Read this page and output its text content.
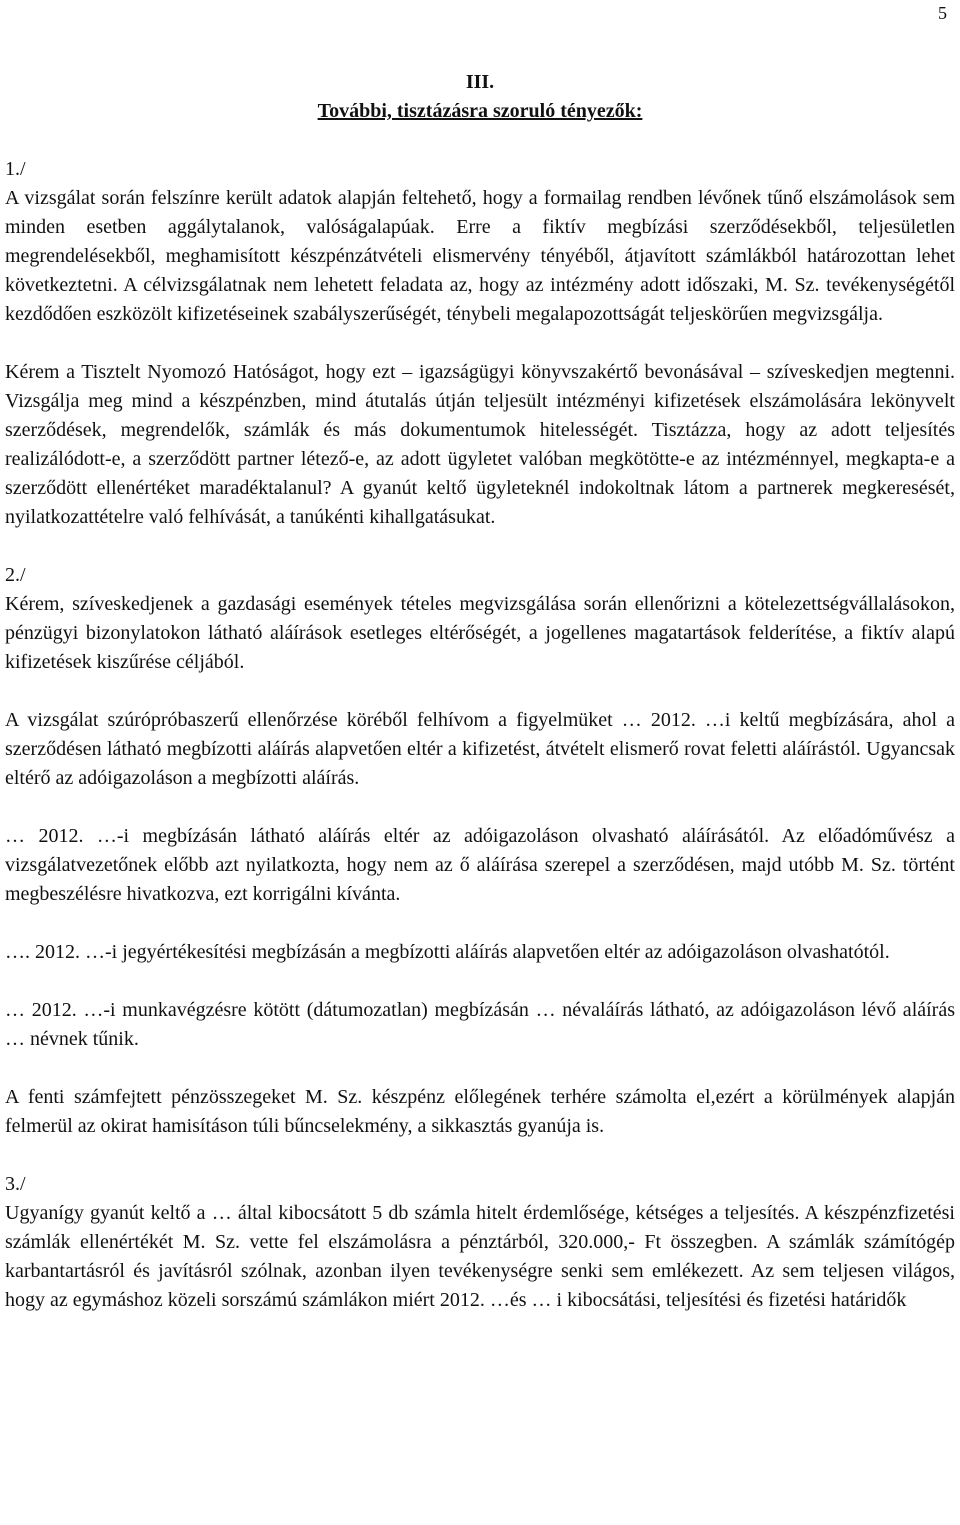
5
III.
További, tisztázásra szoruló tényezők:
1./

A vizsgálat során felszínre került adatok alapján feltehető, hogy a formailag rendben lévőnek tűnő elszámolások sem minden esetben aggálytalanok, valóságalapúak. Erre a fiktív megbízási szerződésekből, teljesületlen megrendelésekből, meghamisított készpénzátvételi elismervény tényéből, átjavított számlákból határozottan lehet következtetni. A célvizsgálatnak nem lehetett feladata az, hogy az intézmény adott időszaki, M. Sz. tevékenységétől kezdődően eszközölt kifizetéseinek szabályszerűségét, ténybeli megalapozottságát teljeskörűen megvizsgálja.

Kérem a Tisztelt Nyomozó Hatóságot, hogy ezt – igazságügyi könyvszakértő bevonásával – szíveskedjen megtenni. Vizsgálja meg mind a készpénzben, mind átutalás útján teljesült intézményi kifizetések elszámolására lekönyvelt szerződések, megrendelők, számlák és más dokumentumok hitelességét. Tisztázza, hogy az adott teljesítés realizálódott-e, a szerződött partner létező-e, az adott ügyletet valóban megkötötte-e az intézménnyel, megkapta-e a szerződött ellenértéket maradéktalanul? A gyanút keltő ügyleteknél indokoltnak látom a partnerek megkeresését, nyilatkozattételre való felhívását, a tanúkénti kihallgatásukat.

2./

Kérem, szíveskedjenek a gazdasági események tételes megvizsgálása során ellenőrizni a kötelezettségvállalásokon, pénzügyi bizonylatokon látható aláírások esetleges eltérőségét, a jogellenes magatartások felderítése, a fiktív alapú kifizetések kiszűrése céljából.

A vizsgálat szúrópróbaszerű ellenőrzése köréből felhívom a figyelmüket … 2012. …i keltű megbízására, ahol a szerződésen látható megbízotti aláírás alapvetően eltér a kifizetést, átvételt elismerő rovat feletti aláírástól. Ugyancsak eltérő az adóigazoláson a megbízotti aláírás.

… 2012. …-i megbízásán látható aláírás eltér az adóigazoláson olvasható aláírásától. Az előadóművész a vizsgálatvezetőnek előbb azt nyilatkozta, hogy nem az ő aláírása szerepel a szerződésen, majd utóbb M. Sz. történt megbeszélésre hivatkozva, ezt korrigálni kívánta.

…. 2012. …-i jegyértékesítési megbízásán a megbízotti aláírás alapvetően eltér az adóigazoláson olvashatótól.

… 2012. …-i munkavégzésre kötött (dátumozatlan) megbízásán … névaláírás látható, az adóigazoláson lévő aláírás … névnek tűnik.

A fenti számfejtett pénzösszegeket M. Sz. készpénz előlegének terhére számolta el,ezért a körülmények alapján felmerül az okirat hamisításon túli bűncselekmény, a sikkasztás gyanúja is.

3./

Ugyanígy gyanút keltő a … által kibocsátott 5 db számla hitelt érdemlősége, kétséges a teljesítés. A készpénzfizetési számlák ellenértékét M. Sz. vette fel elszámolásra a pénztárból, 320.000,- Ft összegben. A számlák számítógép karbantartásról és javításról szólnak, azonban ilyen tevékenységre senki sem emlékezett. Az sem teljesen világos, hogy az egymáshoz közeli sorszámú számlákon miért 2012. …és … i kibocsátási, teljesítési és fizetési határidők
